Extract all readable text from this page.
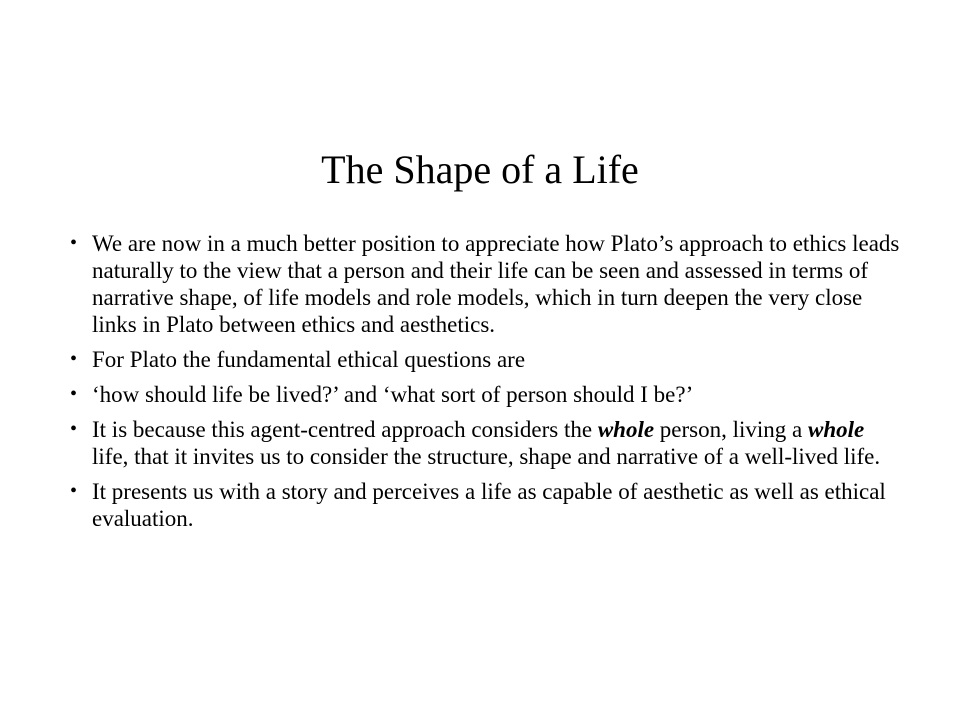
The Shape of a Life
• We are now in a much better position to appreciate how Plato’s approach to ethics leads naturally to the view that a person and their life can be seen and assessed in terms of narrative shape, of life models and role models, which in turn deepen the very close links in Plato between ethics and aesthetics.
• For Plato the fundamental ethical questions are
• ‘how should life be lived?’ and ‘what sort of person should I be?’
• It is because this agent-centred approach considers the whole person, living a whole life, that it invites us to consider the structure, shape and narrative of a well-lived life.
• It presents us with a story and perceives a life as capable of aesthetic as well as ethical evaluation.
